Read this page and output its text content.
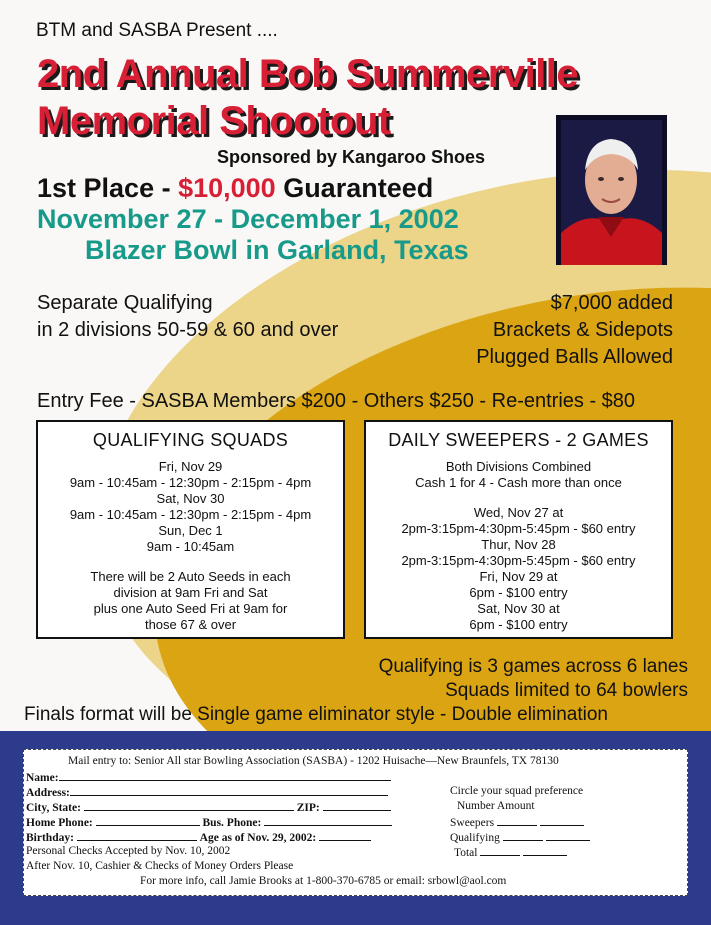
BTM and SASBA Present ....
2nd Annual Bob Summerville
Memorial Shootout
Sponsored by Kangaroo Shoes
1st Place - $10,000 Guaranteed
November 27 - December 1, 2002
Blazer Bowl in Garland, Texas
Separate Qualifying
in 2 divisions 50-59 & 60 and over
$7,000 added
Brackets & Sidepots
Plugged Balls Allowed
Entry Fee - SASBA Members $200 - Others $250 - Re-entries - $80
QUALIFYING SQUADS
Fri, Nov 29
9am - 10:45am - 12:30pm - 2:15pm - 4pm
Sat, Nov 30
9am - 10:45am - 12:30pm - 2:15pm - 4pm
Sun, Dec 1
9am - 10:45am
There will be 2 Auto Seeds in each
division at 9am Fri and Sat
plus one Auto Seed Fri at 9am for
those 67 & over
DAILY SWEEPERS - 2 GAMES
Both Divisions Combined
Cash 1 for 4 - Cash more than once
Wed, Nov 27 at
2pm-3:15pm-4:30pm-5:45pm - $60 entry
Thur, Nov 28
2pm-3:15pm-4:30pm-5:45pm - $60 entry
Fri, Nov 29 at
6pm - $100 entry
Sat, Nov 30 at
6pm - $100 entry
Qualifying is 3 games across 6 lanes
Squads limited to 64 bowlers
Finals format will be Single game eliminator style - Double elimination
Mail entry to: Senior All star Bowling Association (SASBA) - 1202 Huisache—New Braunfels, TX 78130
Name:
Address:
City, State:	ZIP:
Home Phone:	Bus. Phone:
Birthday:	Age as of Nov. 29, 2002:
Personal Checks Accepted by Nov. 10, 2002
After Nov. 10, Cashier & Checks of Money Orders Please
Circle your squad preference
Number Amount
Sweepers
Qualifying
Total
For more info, call Jamie Brooks at 1-800-370-6785 or email: srbowl@aol.com
